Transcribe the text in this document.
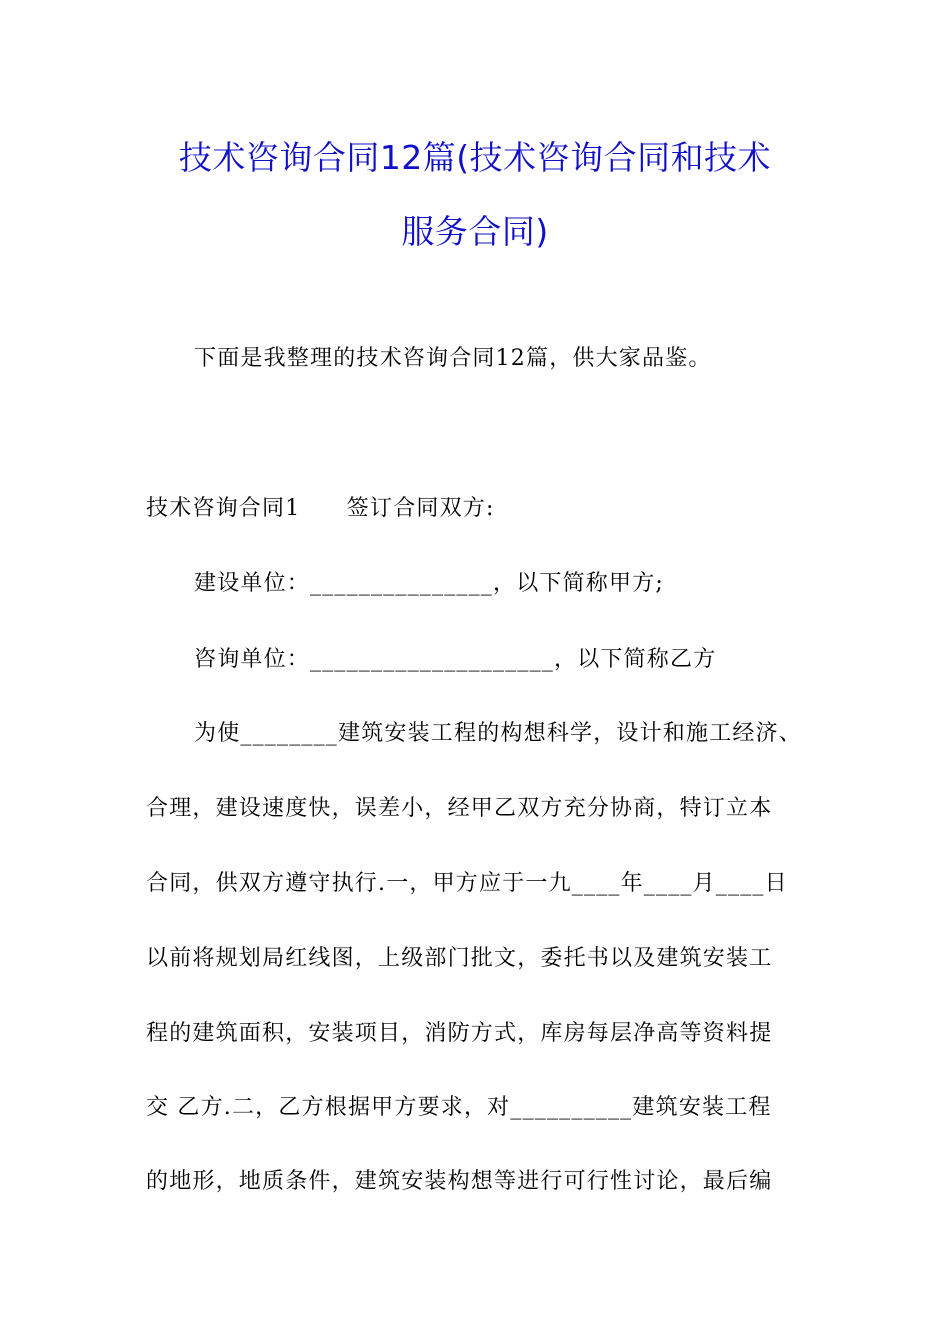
技术咨询合同12篇(技术咨询合同和技术
服务合同)
下面是我整理的技术咨询合同12篇，供大家品鉴。
技术咨询合同1　　签订合同双方:
建设单位：_______________，以下简称甲方;
咨询单位：____________________，以下简称乙方
为使________建筑安装工程的构想科学，设计和施工经济、
合理，建设速度快，误差小，经甲乙双方充分协商，特订立本
合同，供双方遵守执行.一，甲方应于一九____年____月____日
以前将规划局红线图，上级部门批文，委托书以及建筑安装工
程的建筑面积，安装项目，消防方式，库房每层净高等资料提
交 乙方.二，乙方根据甲方要求，对__________建筑安装工程
的地形，地质条件，建筑安装构想等进行可行性讨论，最后编
